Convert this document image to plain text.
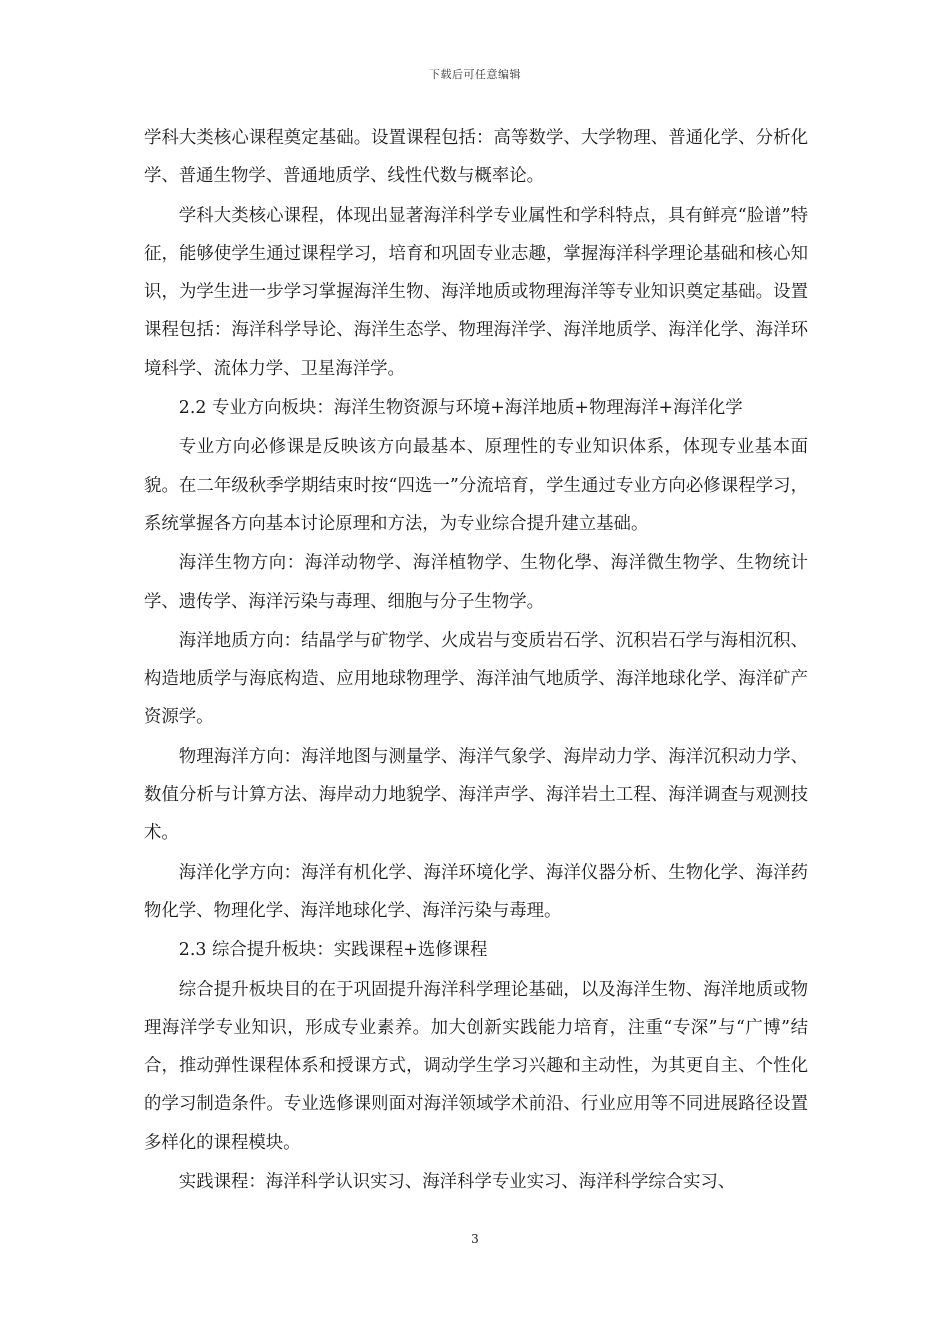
下载后可任意编辑

学科大类核心课程奠定基础。设置课程包括：高等数学、大学物理、普通化学、分析化学、普通生物学、普通地质学、线性代数与概率论。

学科大类核心课程，体现出显著海洋科学专业属性和学科特点，具有鲜亮“脸谱”特征，能够使学生通过课程学习，培育和巩固专业志趣，掌握海洋科学理论基础和核心知识，为学生进一步学习掌握海洋生物、海洋地质或物理海洋等专业知识奠定基础。设置课程包括：海洋科学导论、海洋生态学、物理海洋学、海洋地质学、海洋化学、海洋环境科学、流体力学、卫星海洋学。

2.2 专业方向板块：海洋生物资源与环境+海洋地质+物理海洋+海洋化学

专业方向必修课是反映该方向最基本、原理性的专业知识体系，体现专业基本面貌。在二年级秋季学期结束时按“四选一”分流培育，学生通过专业方向必修课程学习，系统掌握各方向基本讨论原理和方法，为专业综合提升建立基础。

海洋生物方向：海洋动物学、海洋植物学、生物化學、海洋微生物学、生物统计学、遗传学、海洋污染与毒理、细胞与分子生物学。

海洋地质方向：结晶学与矿物学、火成岩与变质岩石学、沉积岩石学与海相沉积、构造地质学与海底构造、应用地球物理学、海洋油气地质学、海洋地球化学、海洋矿产资源学。

物理海洋方向：海洋地图与测量学、海洋气象学、海岸动力学、海洋沉积动力学、数值分析与计算方法、海岸动力地貌学、海洋声学、海洋岩土工程、海洋调查与观测技术。

海洋化学方向：海洋有机化学、海洋环境化学、海洋仪器分析、生物化学、海洋药物化学、物理化学、海洋地球化学、海洋污染与毒理。

2.3 综合提升板块：实践课程+选修课程

综合提升板块目的在于巩固提升海洋科学理论基础，以及海洋生物、海洋地质或物理海洋学专业知识，形成专业素养。加大创新实践能力培育，注重“专深”与“广博”结合，推动弹性课程体系和授课方式，调动学生学习兴趣和主动性，为其更自主、个性化的学习制造条件。专业选修课则面对海洋领域学术前沿、行业应用等不同进展路径设置多样化的课程模块。

实践课程：海洋科学认识实习、海洋科学专业实习、海洋科学综合实习、

3
